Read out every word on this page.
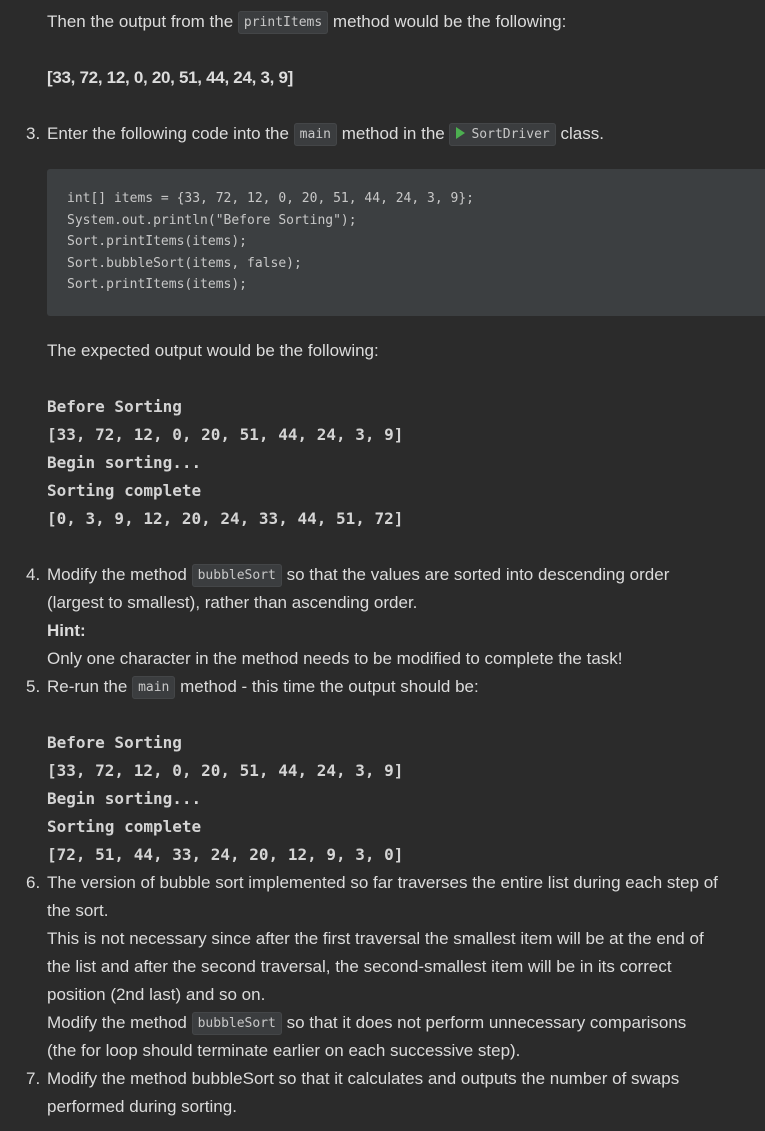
Then the output from the printItems method would be the following:
[33, 72, 12, 0, 20, 51, 44, 24, 3, 9]
3. Enter the following code into the main method in the SortDriver class.
int[] items = {33, 72, 12, 0, 20, 51, 44, 24, 3, 9};
System.out.println("Before Sorting");
Sort.printItems(items);
Sort.bubbleSort(items, false);
Sort.printItems(items);
The expected output would be the following:
Before Sorting
[33, 72, 12, 0, 20, 51, 44, 24, 3, 9]
Begin sorting...
Sorting complete
[0, 3, 9, 12, 20, 24, 33, 44, 51, 72]
4. Modify the method bubbleSort so that the values are sorted into descending order
(largest to smallest), rather than ascending order.
Hint:
Only one character in the method needs to be modified to complete the task!
5. Re-run the main method - this time the output should be:
Before Sorting
[33, 72, 12, 0, 20, 51, 44, 24, 3, 9]
Begin sorting...
Sorting complete
[72, 51, 44, 33, 24, 20, 12, 9, 3, 0]
6. The version of bubble sort implemented so far traverses the entire list during each step of
the sort.
This is not necessary since after the first traversal the smallest item will be at the end of
the list and after the second traversal, the second-smallest item will be in its correct
position (2nd last) and so on.
Modify the method bubbleSort so that it does not perform unnecessary comparisons
(the for loop should terminate earlier on each successive step).
7. Modify the method bubbleSort so that it calculates and outputs the number of swaps
performed during sorting.
